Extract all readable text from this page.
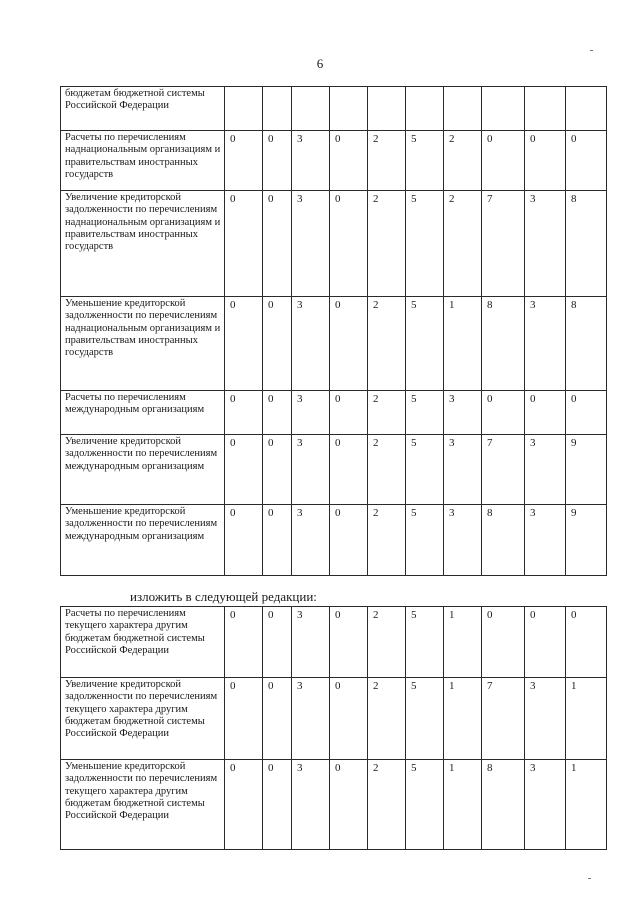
6
бюджетам бюджетной системы Российской Федерации										
Расчеты по перечислениям наднациональным организациям и правительствам иностранных государств	0	0	3	0	2	5	2	0	0	0
Увеличение кредиторской задолженности по перечислениям наднациональным организациям и правительствам иностранных государств	0	0	3	0	2	5	2	7	3	8
Уменьшение кредиторской задолженности по перечислениям наднациональным организациям и правительствам иностранных государств	0	0	3	0	2	5	1	8	3	8
Расчеты по перечислениям международным организациям	0	0	3	0	2	5	3	0	0	0
Увеличение кредиторской задолженности по перечислениям международным организациям	0	0	3	0	2	5	3	7	3	9
Уменьшение кредиторской задолженности по перечислениям международным организациям	0	0	3	0	2	5	3	8	3	9
изложить в следующей редакции:
Расчеты по перечислениям текущего характера другим бюджетам бюджетной системы Российской Федерации	0	0	3	0	2	5	1	0	0	0
Увеличение кредиторской задолженности по перечислениям текущего характера другим бюджетам бюджетной системы Российской Федерации	0	0	3	0	2	5	1	7	3	1
Уменьшение кредиторской задолженности по перечислениям текущего характера другим бюджетам бюджетной системы Российской Федерации	0	0	3	0	2	5	1	8	3	1
